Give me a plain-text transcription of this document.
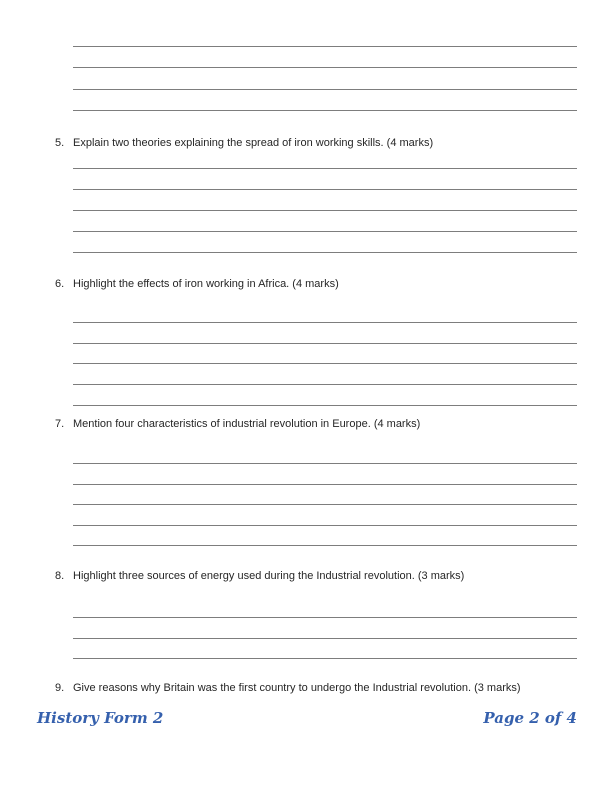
History Form 2	Page 2 of 4
5. Explain two theories explaining the spread of iron working skills. (4 marks)
6. Highlight the effects of iron working in Africa. (4 marks)
7. Mention four characteristics of industrial revolution in Europe. (4 marks)
8. Highlight three sources of energy used during the Industrial revolution. (3 marks)
9. Give reasons why Britain was the first country to undergo the Industrial revolution. (3 marks)
